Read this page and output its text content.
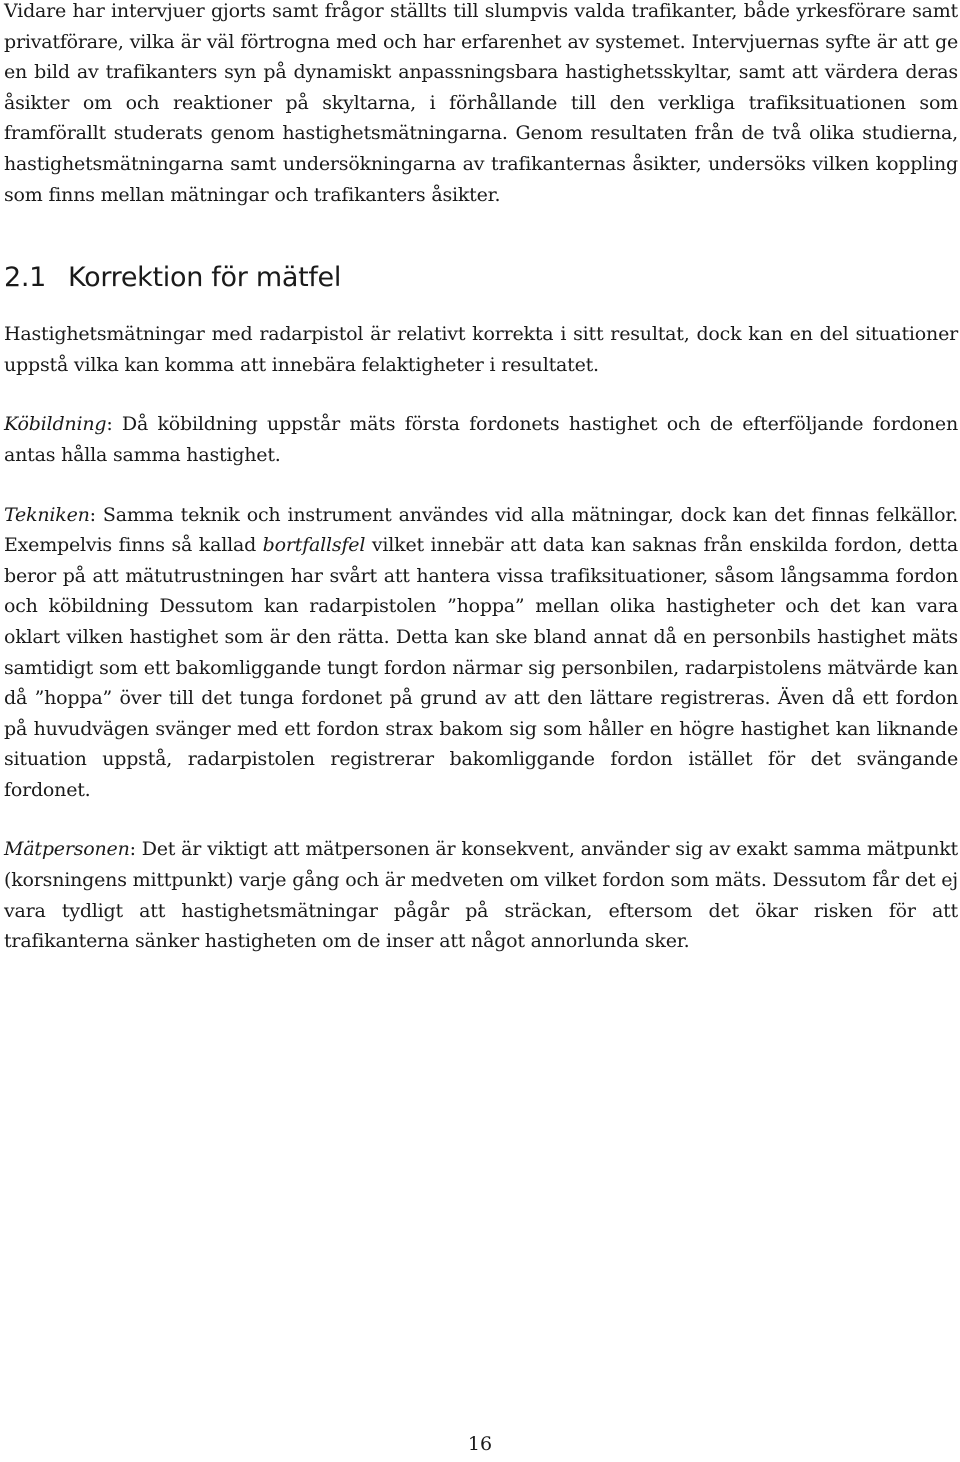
Vidare har intervjuer gjorts samt frågor ställts till slumpvis valda trafikanter, både yrkesförare samt privatförare, vilka är väl förtrogna med och har erfarenhet av systemet. Intervjuernas syfte är att ge en bild av trafikanters syn på dynamiskt anpassningsbara hastighetsskyltar, samt att värdera deras åsikter om och reaktioner på skyltarna, i förhållande till den verkliga trafiksituationen som framförallt studerats genom hastighetsmätningarna. Genom resultaten från de två olika studierna, hastighetsmätningarna samt undersökningarna av trafikanternas åsikter, undersöks vilken koppling som finns mellan mätningar och trafikanters åsikter.

2.1 Korrektion för mätfel

Hastighetsmätningar med radarpistol är relativt korrekta i sitt resultat, dock kan en del situationer uppstå vilka kan komma att innebära felaktigheter i resultatet.

Köbildning: Då köbildning uppstår mäts första fordonets hastighet och de efterföljande fordonen antas hålla samma hastighet.

Tekniken: Samma teknik och instrument användes vid alla mätningar, dock kan det finnas felkällor. Exempelvis finns så kallad bortfallsfel vilket innebär att data kan saknas från enskilda fordon, detta beror på att mätutrustningen har svårt att hantera vissa trafiksituationer, såsom långsamma fordon och köbildning Dessutom kan radarpistolen ”hoppa” mellan olika hastigheter och det kan vara oklart vilken hastighet som är den rätta. Detta kan ske bland annat då en personbils hastighet mäts samtidigt som ett bakomliggande tungt fordon närmar sig personbilen, radarpistolens mätvärde kan då ”hoppa” över till det tunga fordonet på grund av att den lättare registreras. Även då ett fordon på huvudvägen svänger med ett fordon strax bakom sig som håller en högre hastighet kan liknande situation uppstå, radarpistolen registrerar bakomliggande fordon istället för det svängande fordonet.

Mätpersonen: Det är viktigt att mätpersonen är konsekvent, använder sig av exakt samma mätpunkt (korsningens mittpunkt) varje gång och är medveten om vilket fordon som mäts. Dessutom får det ej vara tydligt att hastighetsmätningar pågår på sträckan, eftersom det ökar risken för att trafikanterna sänker hastigheten om de inser att något annorlunda sker.

16
